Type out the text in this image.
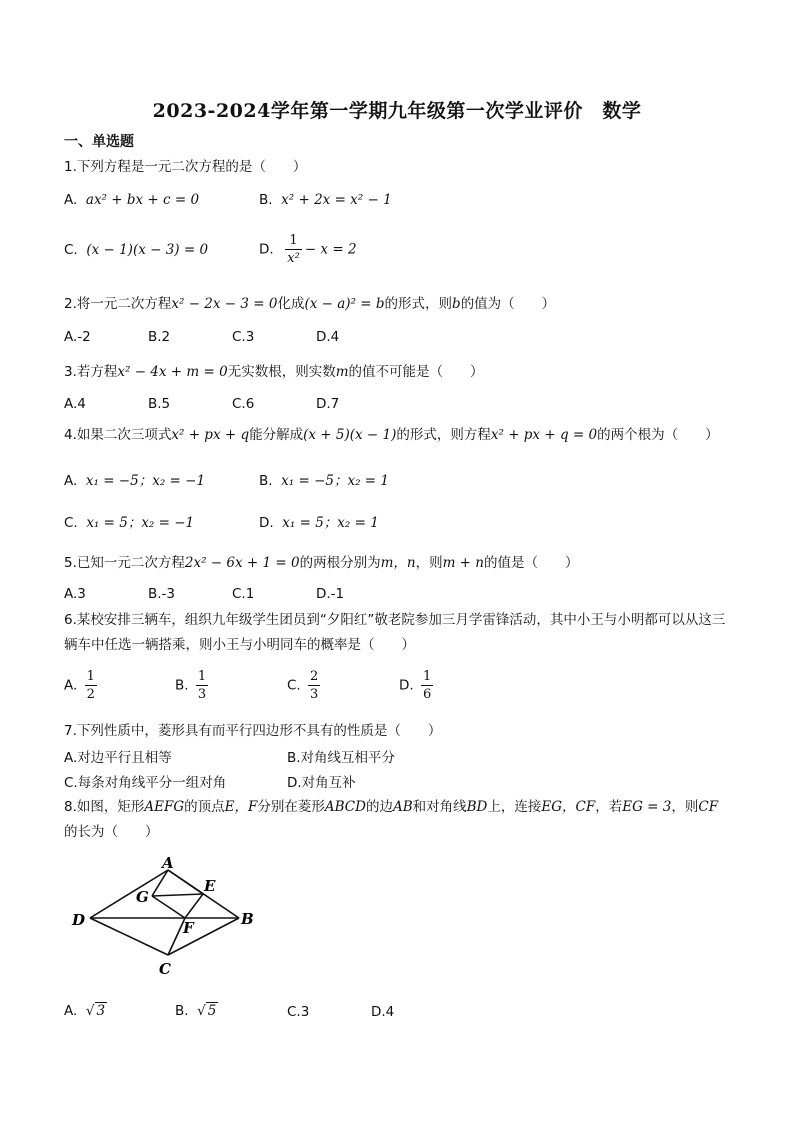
2023-2024学年第一学期九年级第一次学业评价　数学
一、单选题
1.下列方程是一元二次方程的是（　　）
A. ax² + bx + c = 0	B. x² + 2x = x² − 1
C. (x − 1)(x − 3) = 0	D. $\frac{1}{\text{x²}} - x = 2$
2.将一元二次方程x² − 2x − 3 = 0化成(x − a)² = b的形式，则b的值为（　　）
A.-2	B.2	C.3	D.4
3.若方程x² − 4x + m = 0无实数根，则实数m的值不可能是（　　）
A.4	B.5	C.6	D.7
4.如果二次三项式x² + px + q能分解成(x + 5)(x − 1)的形式，则方程x² + px + q = 0的两个根为（　　）
A. x₁ = −5；x₂ = −1	B. x₁ = −5；x₂ = 1
C. x₁ = 5；x₂ = −1	D. x₁ = 5；x₂ = 1
5.已知一元二次方程2x² − 6x + 1 = 0的两根分别为m，n，则m + n的值是（　　）
A.3	B.-3	C.1	D.-1
6.某校安排三辆车，组织九年级学生团员到“夕阳红”敬老院参加三月学雷锋活动，其中小王与小明都可以从这三辆车中任选一辆搭乘，则小王与小明同车的概率是（　　）
A. $\frac{1}{2}$	B. $\frac{1}{3}$	C. $\frac{2}{3}$	D. $\frac{1}{6}$
7.下列性质中，菱形具有而平行四边形不具有的性质是（　　）
A.对边平行且相等	B.对角线互相平分
C.每条对角线平分一组对角	D.对角互补
8.如图，矩形AEFG的顶点E，F分别在菱形ABCD的边AB和对角线BD上，连接EG，CF，若EG = 3，则CF的长为（　　）
A
E
G
D	B
F
C
A. √ 3	B. √ 5	C.3	D.4
